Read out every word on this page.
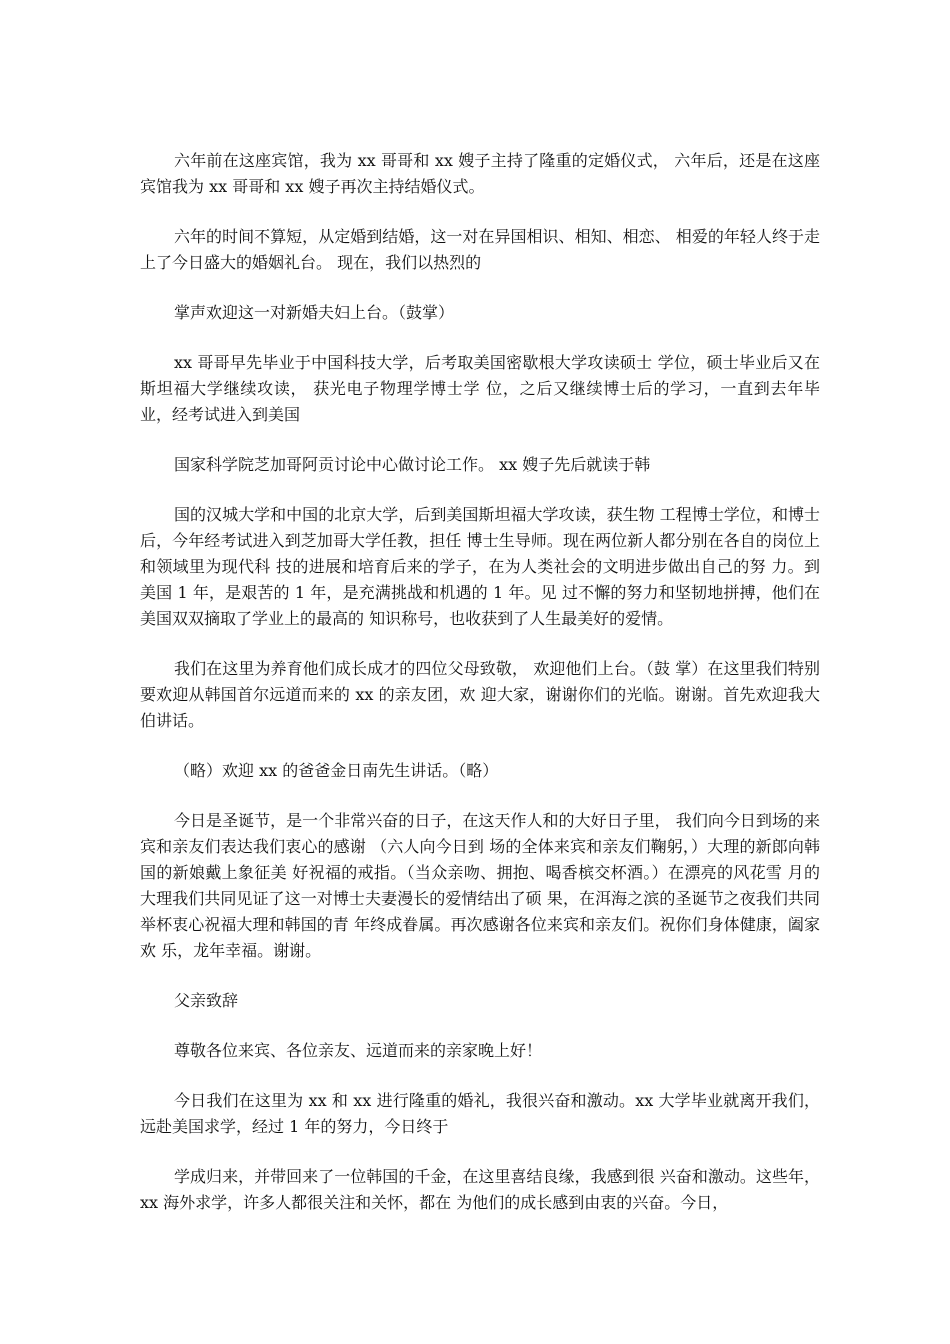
六年前在这座宾馆，我为 xx 哥哥和 xx 嫂子主持了隆重的定婚仪式， 六年后，还是在这座宾馆我为 xx 哥哥和 xx 嫂子再次主持结婚仪式。

六年的时间不算短，从定婚到结婚，这一对在异国相识、相知、相恋、 相爱的年轻人终于走上了今日盛大的婚姻礼台。 现在，我们以热烈的

掌声欢迎这一对新婚夫妇上台。（鼓掌）

xx 哥哥早先毕业于中国科技大学，后考取美国密歇根大学攻读硕士 学位，硕士毕业后又在斯坦福大学继续攻读， 获光电子物理学博士学 位，之后又继续博士后的学习，一直到去年毕业，经考试进入到美国

国家科学院芝加哥阿贡讨论中心做讨论工作。 xx 嫂子先后就读于韩

国的汉城大学和中国的北京大学，后到美国斯坦福大学攻读，获生物 工程博士学位，和博士后，今年经考试进入到芝加哥大学任教，担任 博士生导师。现在两位新人都分别在各自的岗位上和领域里为现代科 技的进展和培育后来的学子，在为人类社会的文明进步做出自己的努 力。到美国 1 年，是艰苦的 1 年，是充满挑战和机遇的 1 年。见 过不懈的努力和坚韧地拼搏，他们在美国双双摘取了学业上的最高的 知识称号，也收获到了人生最美好的爱情。

我们在这里为养育他们成长成才的四位父母致敬， 欢迎他们上台。（鼓 掌）在这里我们特别要欢迎从韩国首尔远道而来的 xx 的亲友团，欢 迎大家，谢谢你们的光临。谢谢。首先欢迎我大伯讲话。

（略）欢迎 xx 的爸爸金日南先生讲话。（略）

今日是圣诞节，是一个非常兴奋的日子，在这天作人和的大好日子里， 我们向今日到场的来宾和亲友们表达我们衷心的感谢 （六人向今日到 场的全体来宾和亲友们鞠躬，）大理的新郎向韩国的新娘戴上象征美 好祝福的戒指。（当众亲吻、拥抱、喝香槟交杯酒。）在漂亮的风花雪 月的大理我们共同见证了这一对博士夫妻漫长的爱情结出了硕 果，在洱海之滨的圣诞节之夜我们共同举杯衷心祝福大理和韩国的青 年终成眷属。再次感谢各位来宾和亲友们。祝你们身体健康，阖家欢 乐，龙年幸福。谢谢。

父亲致辞

尊敬各位来宾、各位亲友、远道而来的亲家晚上好！

今日我们在这里为 xx 和 xx 进行隆重的婚礼，我很兴奋和激动。xx 大学毕业就离开我们，远赴美国求学，经过 1 年的努力，今日终于

学成归来，并带回来了一位韩国的千金，在这里喜结良缘，我感到很 兴奋和激动。这些年，xx 海外求学，许多人都很关注和关怀，都在 为他们的成长感到由衷的兴奋。今日，
